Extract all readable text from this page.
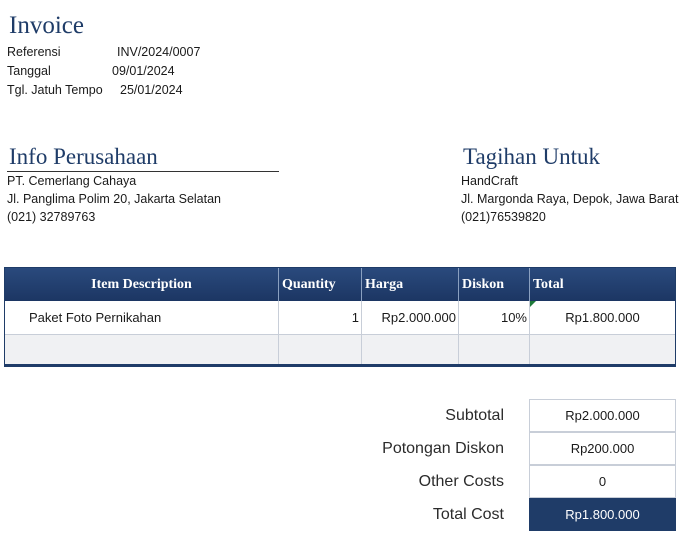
Invoice
Referensi	INV/2024/0007
Tanggal	09/01/2024
Tgl. Jatuh Tempo 25/01/2024
Info Perusahaan
PT. Cemerlang Cahaya
Jl. Panglima Polim 20, Jakarta Selatan
(021) 32789763
Tagihan Untuk
HandCraft
Jl. Margonda Raya, Depok, Jawa Barat
(021)76539820
Item Description	Quantity	Harga	Diskon	Total
Paket Foto Pernikahan	1	Rp2.000.000	10%	Rp1.800.000
Subtotal	Rp2.000.000
Potongan Diskon	Rp200.000
Other Costs	0
Total Cost	Rp1.800.000
